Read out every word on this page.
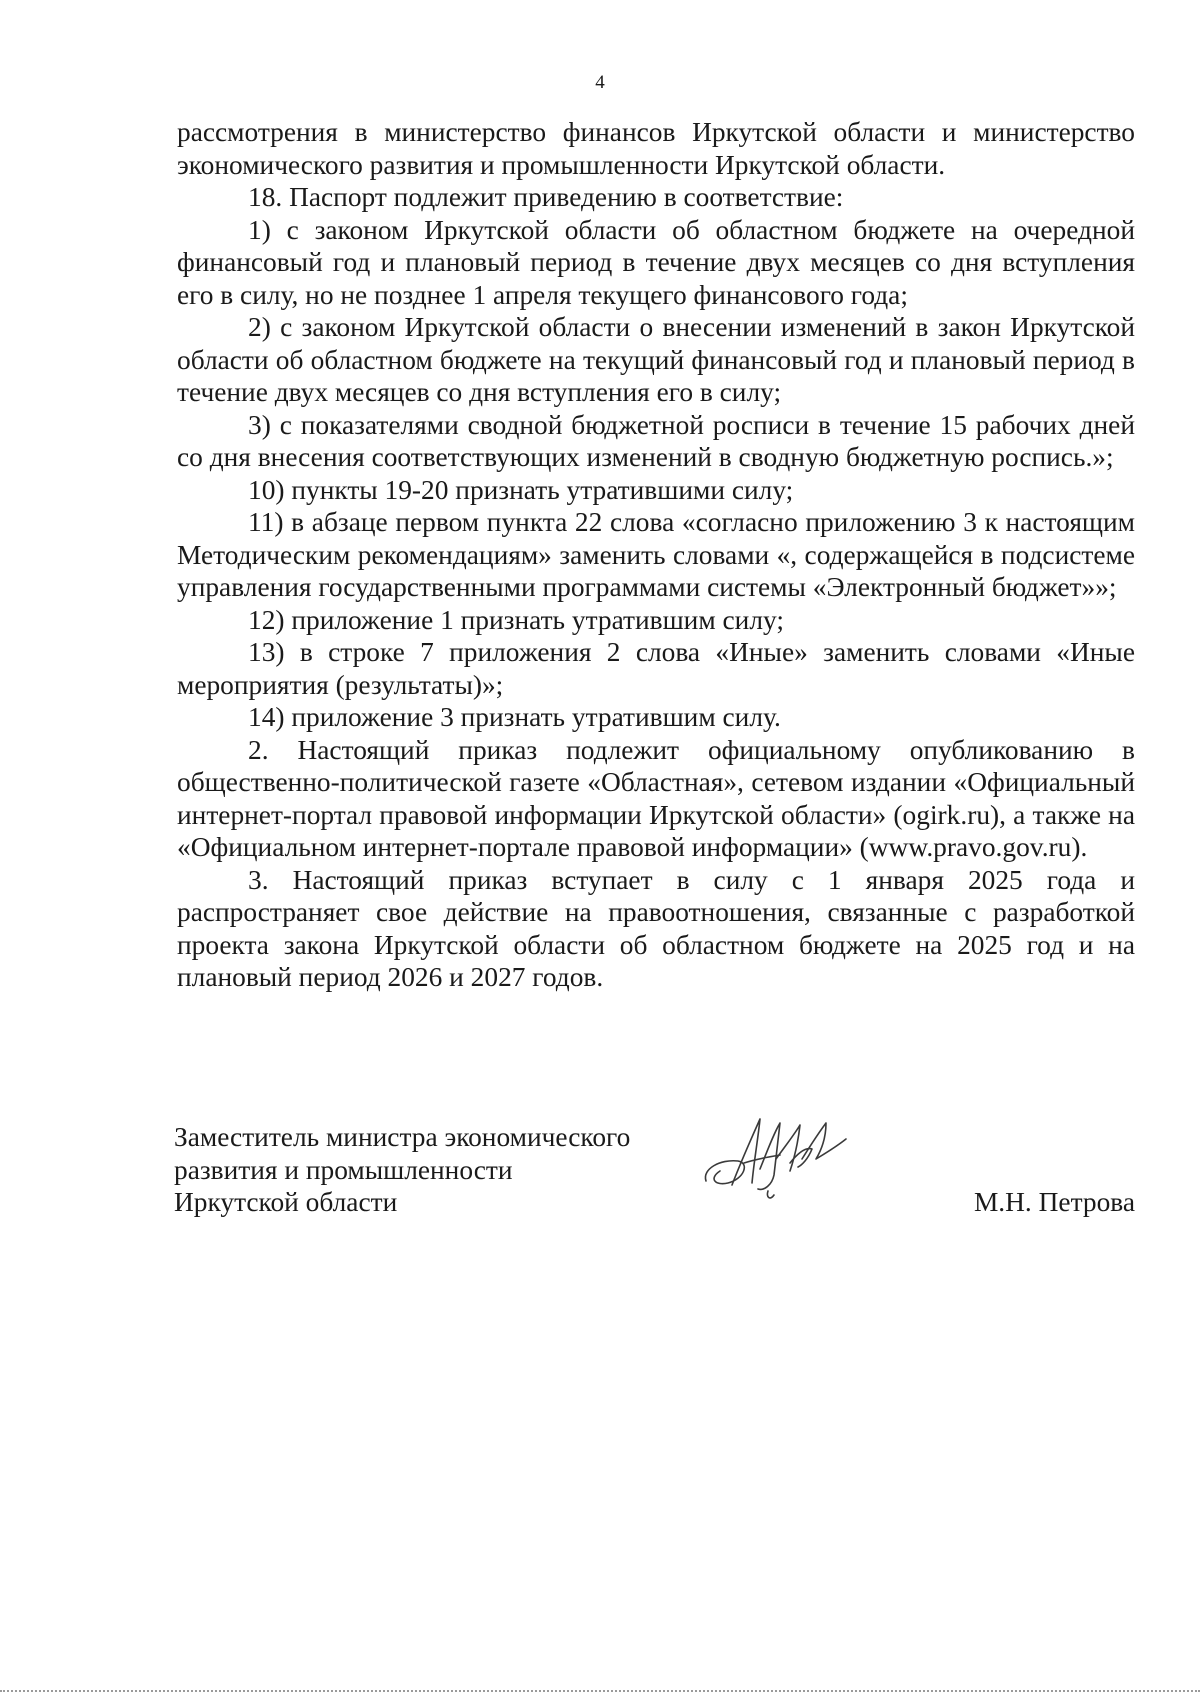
4

рассмотрения в министерство финансов Иркутской области и министерство экономического развития и промышленности Иркутской области.

18. Паспорт подлежит приведению в соответствие:

1) с законом Иркутской области об областном бюджете на очередной финансовый год и плановый период в течение двух месяцев со дня вступления его в силу, но не позднее 1 апреля текущего финансового года;

2) с законом Иркутской области о внесении изменений в закон Иркутской области об областном бюджете на текущий финансовый год и плановый период в течение двух месяцев со дня вступления его в силу;

3) с показателями сводной бюджетной росписи в течение 15 рабочих дней со дня внесения соответствующих изменений в сводную бюджетную роспись.»;

10) пункты 19-20 признать утратившими силу;

11) в абзаце первом пункта 22 слова «согласно приложению 3 к настоящим Методическим рекомендациям» заменить словами «, содержащейся в подсистеме управления государственными программами системы «Электронный бюджет»»;

12) приложение 1 признать утратившим силу;

13) в строке 7 приложения 2 слова «Иные» заменить словами «Иные мероприятия (результаты)»;

14) приложение 3 признать утратившим силу.

2. Настоящий приказ подлежит официальному опубликованию в общественно-политической газете «Областная», сетевом издании «Официальный интернет-портал правовой информации Иркутской области» (ogirk.ru), а также на «Официальном интернет-портале правовой информации» (www.pravo.gov.ru).

3. Настоящий приказ вступает в силу с 1 января 2025 года и распространяет свое действие на правоотношения, связанные с разработкой проекта закона Иркутской области об областном бюджете на 2025 год и на плановый период 2026 и 2027 годов.

Заместитель министра экономического
развития и промышленности
Иркутской области	М.Н. Петрова
